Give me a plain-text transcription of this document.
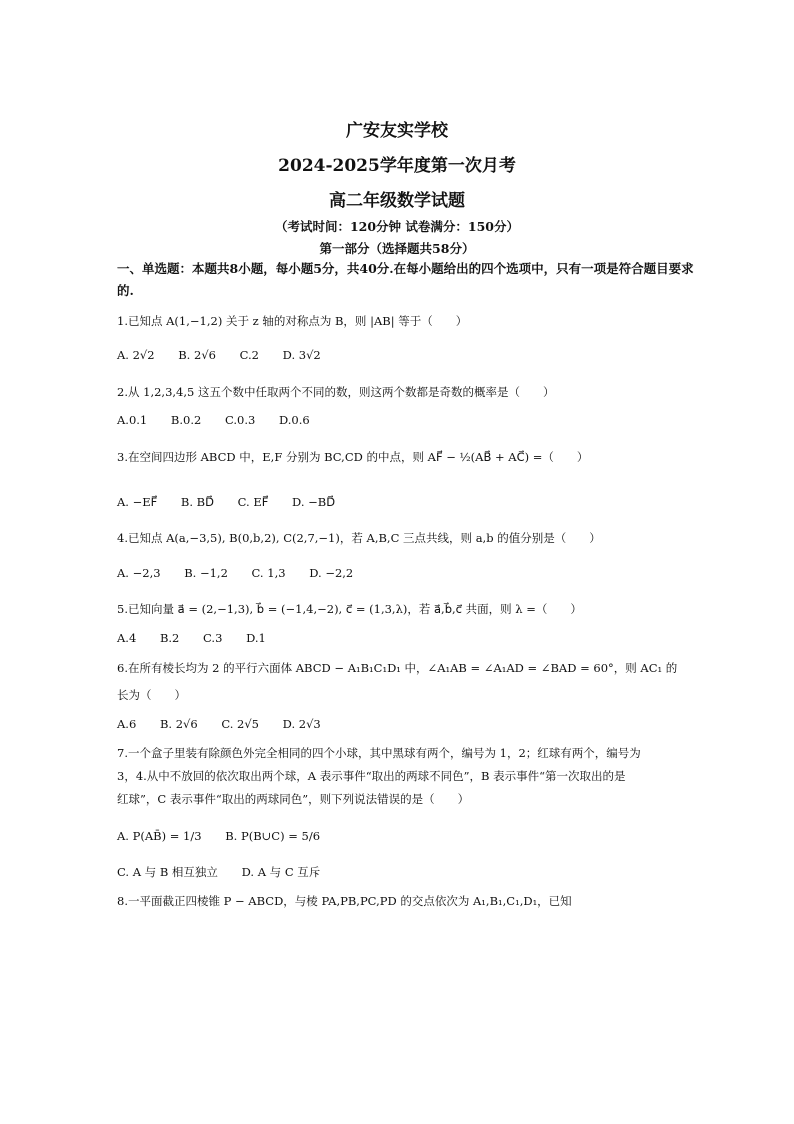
广安友实学校
2024-2025学年度第一次月考
高二年级数学试题
（考试时间：120分钟 试卷满分：150分）
第一部分（选择题共58分）
一、单选题：本题共8小题，每小题5分，共40分.在每小题给出的四个选项中，只有一项是符合题目要求的.
1.已知点 A(1,−1,2) 关于 z 轴的对称点为 B，则 |AB| 等于（　　）
A. 2√2 B. 2√6 C.2 D. 3√2
2.从 1,2,3,4,5 这五个数中任取两个不同的数，则这两个数都是奇数的概率是（　　）
A.0.1 B.0.2 C.0.3 D.0.6
3.在空间四边形 ABCD 中，E,F 分别为 BC,CD 的中点，则 AF⃗ − ½(AB⃗ + AC⃗) =（　　）
A. −EF⃗ B. BD⃗ C. EF⃗ D. −BD⃗
4.已知点 A(a,−3,5), B(0,b,2), C(2,7,−1)，若 A,B,C 三点共线，则 a,b 的值分别是（　　）
A. −2,3 B. −1,2 C. 1,3 D. −2,2
5.已知向量 a⃗ = (2,−1,3), b⃗ = (−1,4,−2), c⃗ = (1,3,λ)，若 a⃗,b⃗,c⃗ 共面，则 λ =（　　）
A.4 B.2 C.3 D.1
6.在所有棱长均为 2 的平行六面体 ABCD − A₁B₁C₁D₁ 中，∠A₁AB = ∠A₁AD = ∠BAD = 60°，则 AC₁ 的
长为（　　）
A.6 B. 2√6 C. 2√5 D. 2√3
7.一个盒子里装有除颜色外完全相同的四个小球，其中黑球有两个，编号为 1，2；红球有两个，编号为
3，4.从中不放回的依次取出两个球，A 表示事件“取出的两球不同色”，B 表示事件“第一次取出的是
红球”，C 表示事件“取出的两球同色”，则下列说法错误的是（　　）
A. P(AB̄) = 1/3 B. P(B∪C) = 5/6
C. A 与 B 相互独立 D. A 与 C 互斥
8.一平面截正四棱锥 P − ABCD，与棱 PA,PB,PC,PD 的交点依次为 A₁,B₁,C₁,D₁，已知
